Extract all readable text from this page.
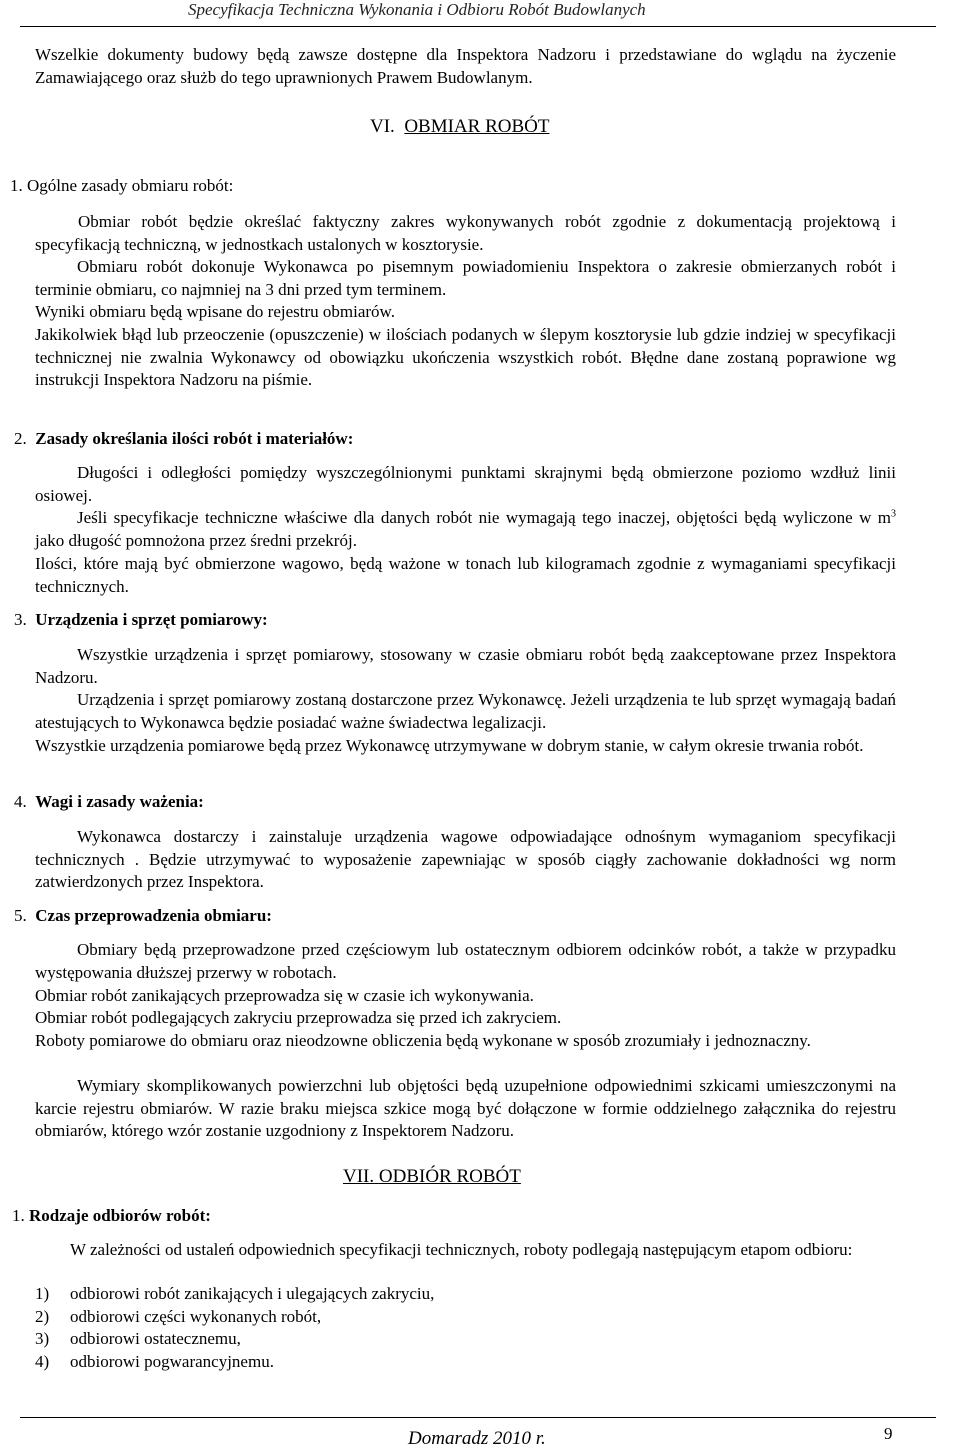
Specyfikacja Techniczna Wykonania i Odbioru Robót Budowlanych

Wszelkie dokumenty budowy będą zawsze dostępne dla Inspektora Nadzoru i przedstawiane do wglądu na życzenie Zamawiającego oraz służb do tego uprawnionych Prawem Budowlanym.

VI. OBMIAR ROBÓT
1. Ogólne zasady obmiaru robót:

Obmiar robót będzie określać faktyczny zakres wykonywanych robót zgodnie z dokumentacją projektową i specyfikacją techniczną, w jednostkach ustalonych w kosztorysie.

Obmiaru robót dokonuje Wykonawca po pisemnym powiadomieniu Inspektora o zakresie obmierzanych robót i terminie obmiaru, co najmniej na 3 dni przed tym terminem.

Wyniki obmiaru będą wpisane do rejestru obmiarów.

Jakikolwiek błąd lub przeoczenie (opuszczenie) w ilościach podanych w ślepym kosztorysie lub gdzie indziej w specyfikacji technicznej nie zwalnia Wykonawcy od obowiązku ukończenia wszystkich robót. Błędne dane zostaną poprawione wg instrukcji Inspektora Nadzoru na piśmie.

2. Zasady określania ilości robót i materiałów:

Długości i odległości pomiędzy wyszczególnionymi punktami skrajnymi będą obmierzone poziomo wzdłuż linii osiowej.

Jeśli specyfikacje techniczne właściwe dla danych robót nie wymagają tego inaczej, objętości będą wyliczone w $m^3$ jako długość pomnożona przez średni przekrój.

Ilości, które mają być obmierzone wagowo, będą ważone w tonach lub kilogramach zgodnie z wymaganiami specyfikacji technicznych.

3. Urządzenia i sprzęt pomiarowy:

Wszystkie urządzenia i sprzęt pomiarowy, stosowany w czasie obmiaru robót będą zaakceptowane przez Inspektora Nadzoru.

Urządzenia i sprzęt pomiarowy zostaną dostarczone przez Wykonawcę. Jeżeli urządzenia te lub sprzęt wymagają badań atestujących to Wykonawca będzie posiadać ważne świadectwa legalizacji.

Wszystkie urządzenia pomiarowe będą przez Wykonawcę utrzymywane w dobrym stanie, w całym okresie trwania robót.

4. Wagi i zasady ważenia:

Wykonawca dostarczy i zainstaluje urządzenia wagowe odpowiadające odnośnym wymaganiom specyfikacji technicznych . Będzie utrzymywać to wyposażenie zapewniając w sposób ciągły zachowanie dokładności wg norm zatwierdzonych przez Inspektora.

5. Czas przeprowadzenia obmiaru:

Obmiary będą przeprowadzone przed częściowym lub ostatecznym odbiorem odcinków robót, a także w przypadku występowania dłuższej przerwy w robotach.

Obmiar robót zanikających przeprowadza się w czasie ich wykonywania.

Obmiar robót podlegających zakryciu przeprowadza się przed ich zakryciem.

Roboty pomiarowe do obmiaru oraz nieodzowne obliczenia będą wykonane w sposób zrozumiały i jednoznaczny.

Wymiary skomplikowanych powierzchni lub objętości będą uzupełnione odpowiednimi szkicami umieszczonymi na karcie rejestru obmiarów. W razie braku miejsca szkice mogą być dołączone w formie oddzielnego załącznika do rejestru obmiarów, którego wzór zostanie uzgodniony z Inspektorem Nadzoru.

VII. ODBIÓR ROBÓT
1. Rodzaje odbiorów robót:

W zależności od ustaleń odpowiednich specyfikacji technicznych, roboty podlegają następującym etapom odbioru:

1) odbiorowi robót zanikających i ulegających zakryciu,
2) odbiorowi części wykonanych robót,
3) odbiorowi ostatecznemu,
4) odbiorowi pogwarancyjnemu.
Domaradz 2010 r.	9
